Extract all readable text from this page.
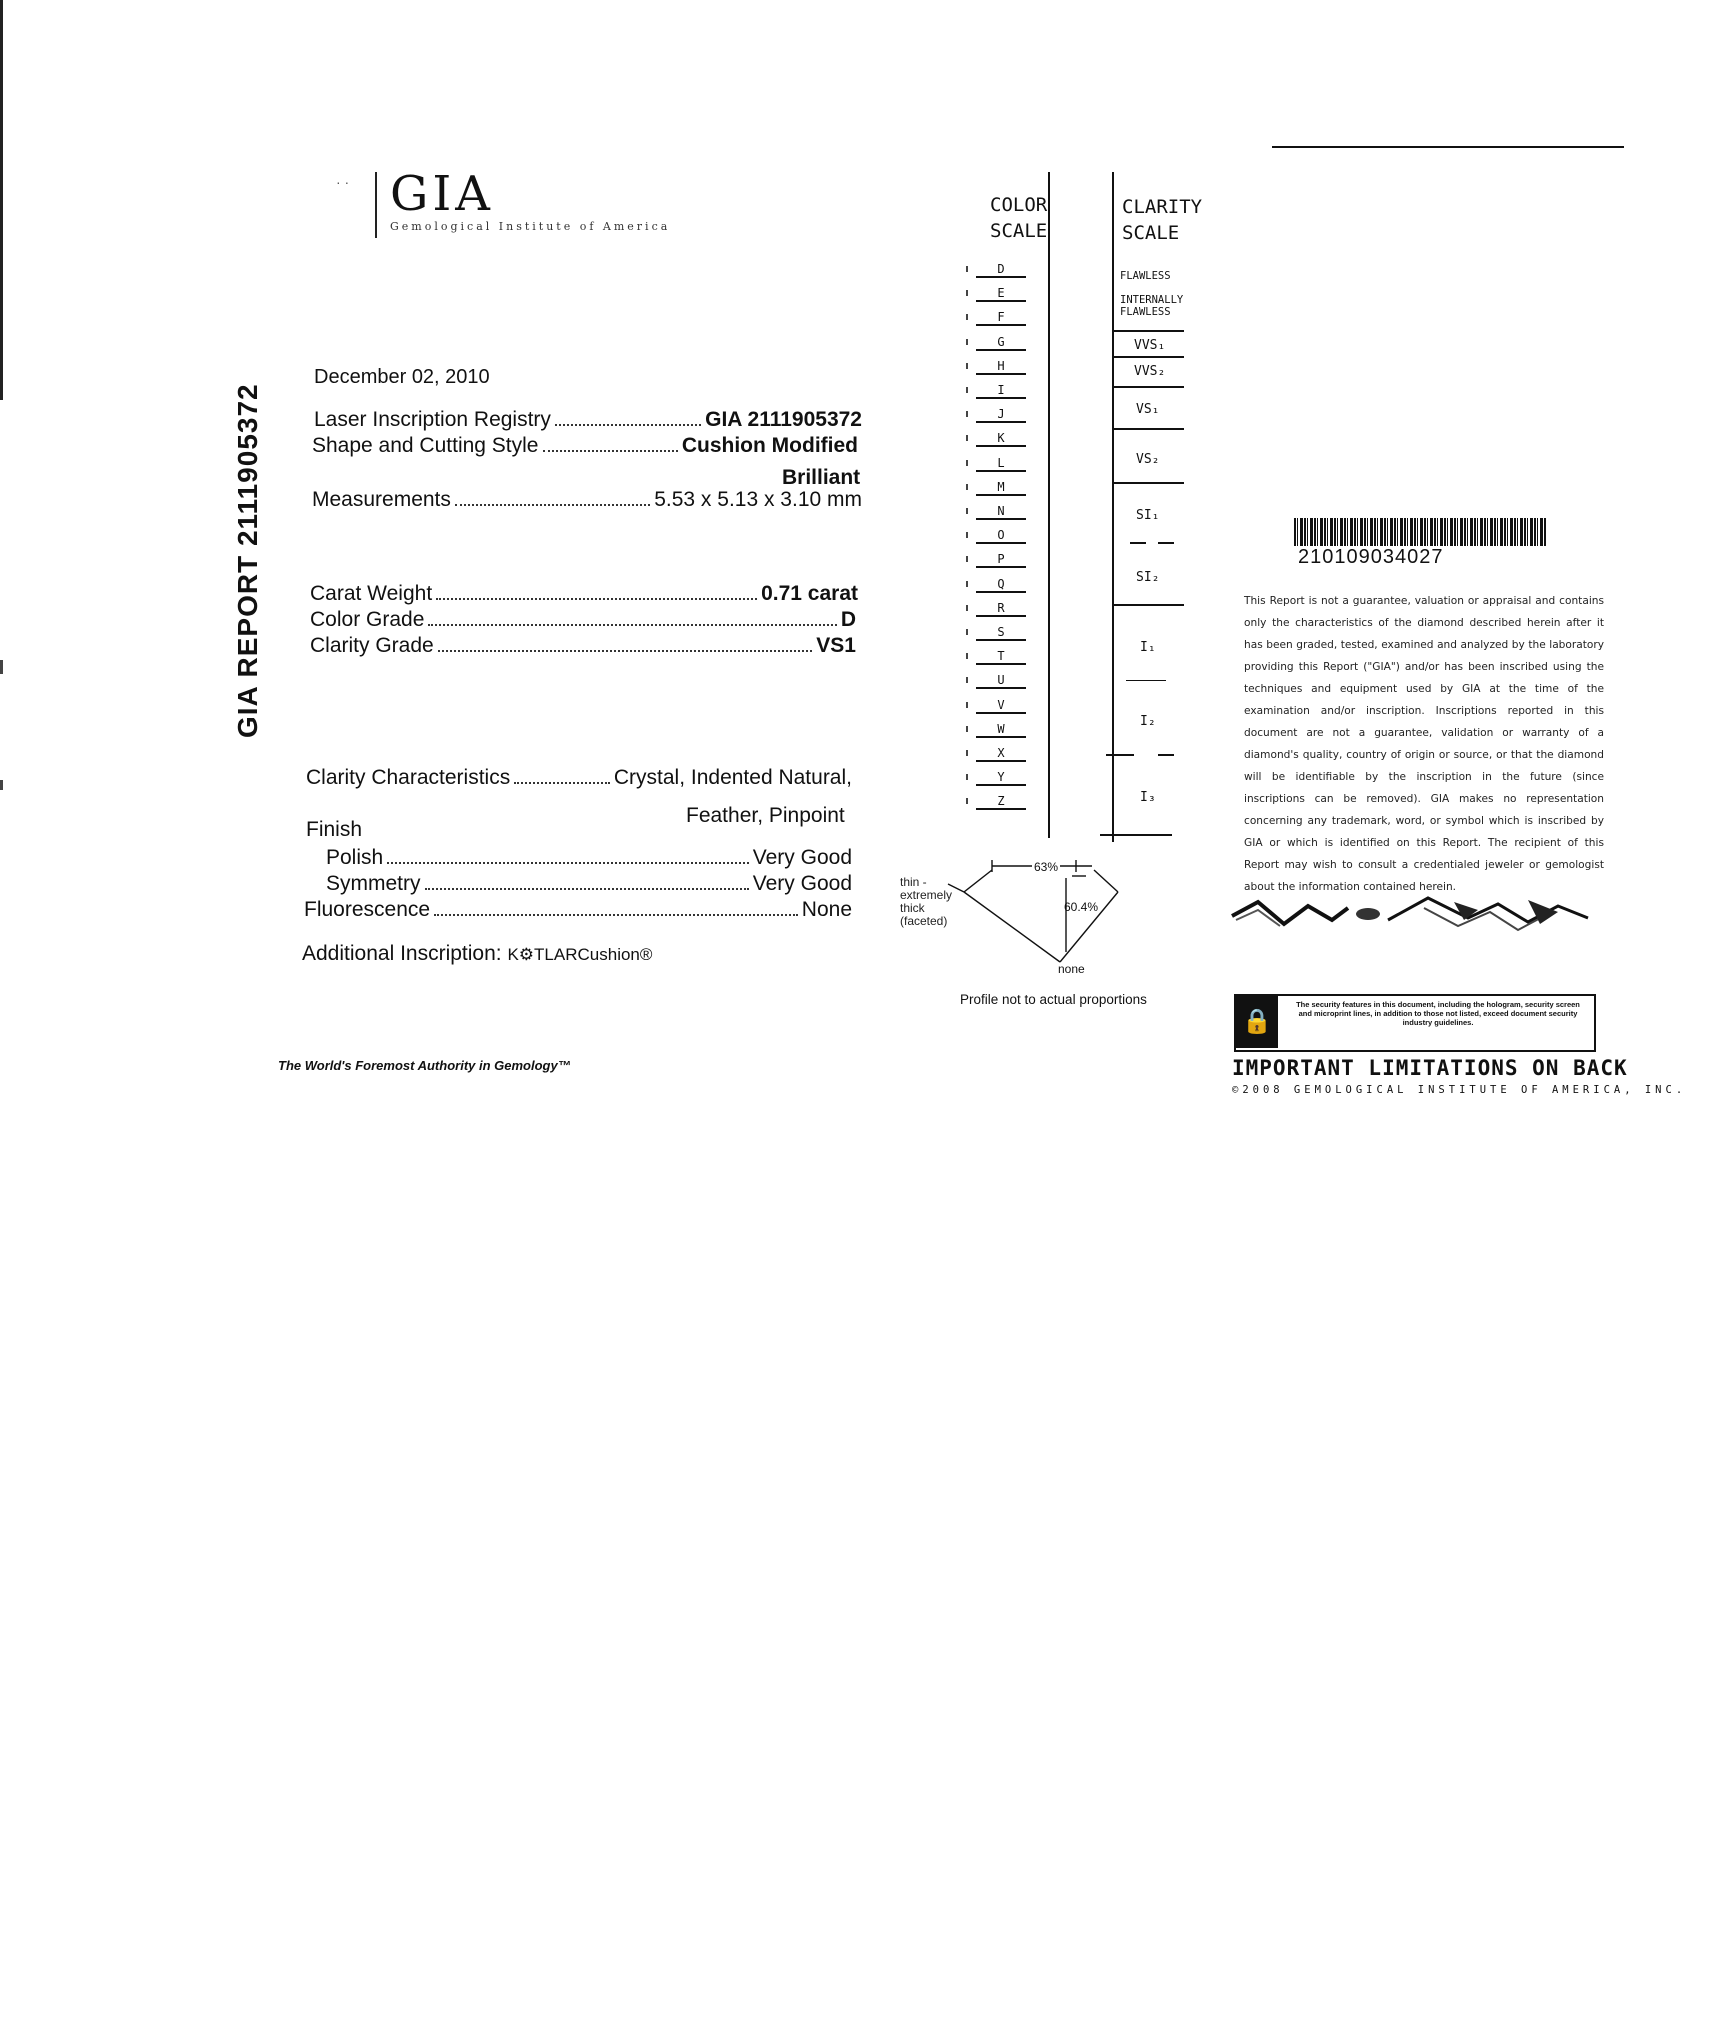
· · GIA
Gemological Institute of America
GIA REPORT 2111905372
December 02, 2010
Laser Inscription Registry	GIA 2111905372
Shape and Cutting Style	Cushion Modified
Brilliant
Measurements	5.53 x 5.13 x 3.10 mm
Carat Weight	0.71 carat
Color Grade	D
Clarity Grade	VS1
Clarity Characteristics	Crystal, Indented Natural,
Feather, Pinpoint
Finish
Polish	Very Good
Symmetry	Very Good
Fluorescence	None
Additional Inscription: K⚙TLARCushion®
The World's Foremost Authority in Gemology™
COLOR
SCALE
D
E
F
G
H
I
J
K
L
M
N
O
P
Q
R
S
T
U
V
W
X
Y
Z
CLARITY
SCALE
FLAWLESS
INTERNALLY
FLAWLESS
VVS₁
VVS₂
VS₁
VS₂
SI₁
SI₂
I₁
I₂
I₃
63%
60.4%
thin -
extremely
thick
(faceted)
none
Profile not to actual proportions
210109034027
This Report is not a guarantee, valuation or appraisal and contains only the characteristics of the diamond described herein after it has been graded, tested, examined and analyzed by the laboratory providing this Report ("GIA") and/or has been inscribed using the techniques and equipment used by GIA at the time of the examination and/or inscription. Inscriptions reported in this document are not a guarantee, validation or warranty of a diamond's quality, country of origin or source, or that the diamond will be identifiable by the inscription in the future (since inscriptions can be removed). GIA makes no representation concerning any trademark, word, or symbol which is inscribed by GIA or which is identified on this Report. The recipient of this Report may wish to consult a credentialed jeweler or gemologist about the information contained herein.
🔒
The security features in this document, including the hologram, security screen and microprint lines, in addition to those not listed, exceed document security industry guidelines.
IMPORTANT LIMITATIONS ON BACK
©2008 GEMOLOGICAL INSTITUTE OF AMERICA, INC.
